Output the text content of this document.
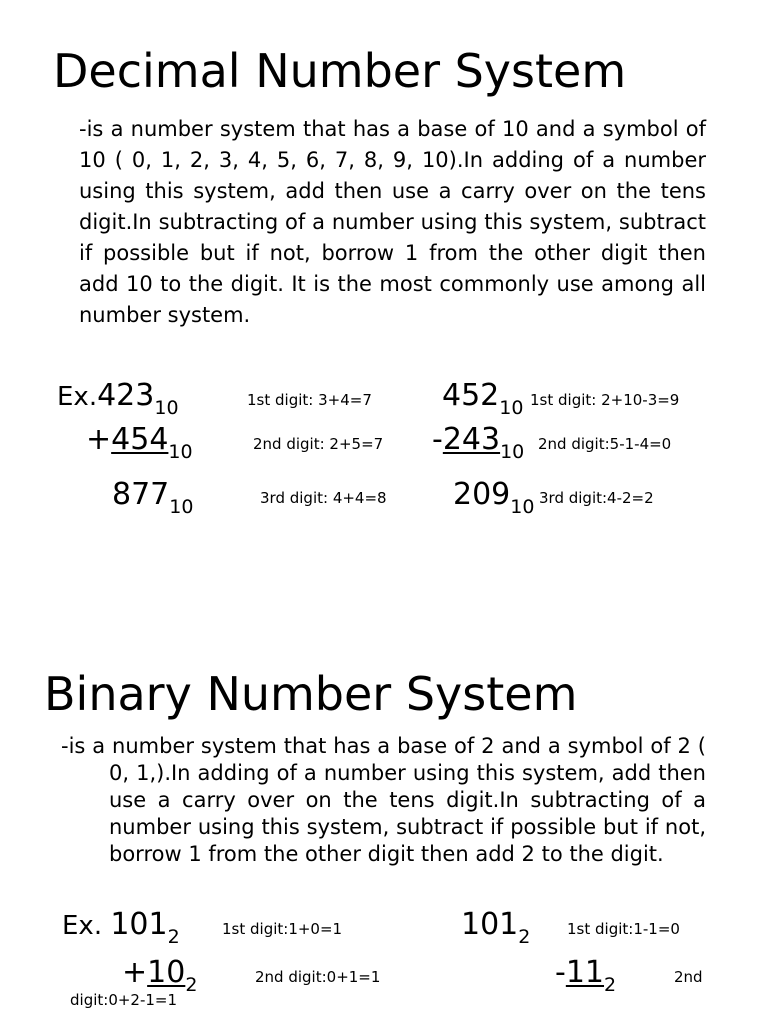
Decimal Number System

-is a number system that has a base of 10 and a symbol of 10 ( 0, 1, 2, 3, 4, 5, 6, 7, 8, 9, 10).In adding of a number using this system, add then use a carry over on the tens digit.In subtracting of a number using this system, subtract if possible but if not, borrow 1 from the other digit then add 10 to the digit. It is the most commonly use among all number system.

Ex.42310
+45410
87710
1st digit: 3+4=7
2nd digit: 2+5=7
3rd digit: 4+4=8
45210
-24310
20910
1st digit: 2+10-3=9
2nd digit:5-1-4=0
3rd digit:4-2=2
Binary Number System

-is a number system that has a base of 2 and a symbol of 2 ( 0, 1,).In adding of a number using this system, add then use a carry over on the tens digit.In subtracting of a number using this system, subtract if possible but if not, borrow 1 from the other digit then add 2 to the digit.

Ex. 1012
+102
1st digit:1+0=1
2nd digit:0+1=1
1012
-112
1st digit:1-1=0
2nd
digit:0+2-1=1
